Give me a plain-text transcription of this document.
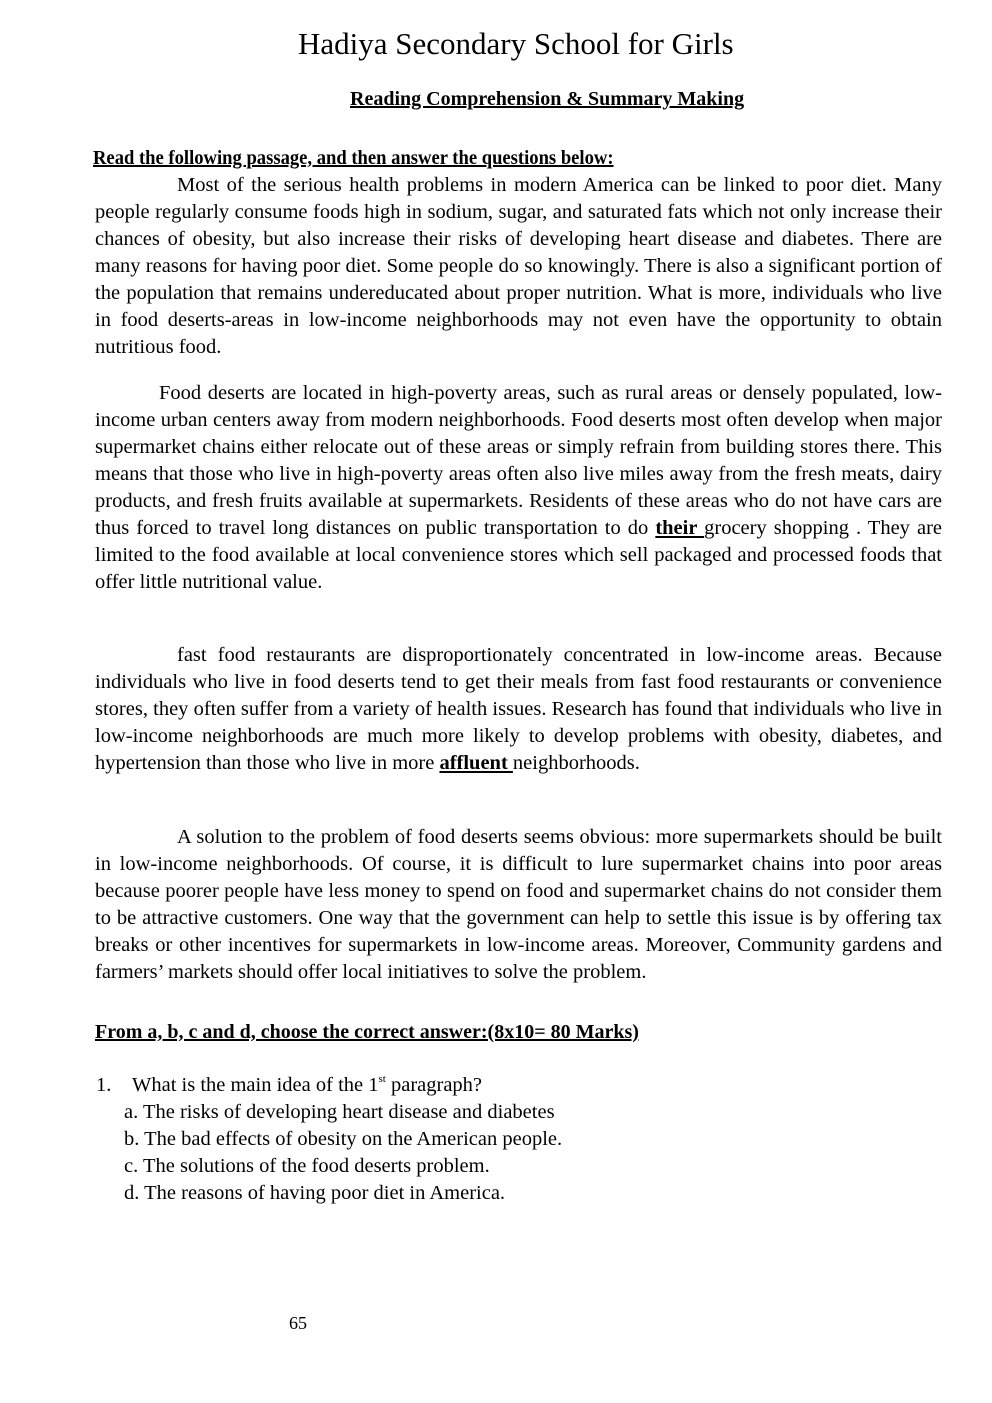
Hadiya Secondary School for Girls
Reading Comprehension & Summary Making
Read the following passage, and then answer the questions below:

Most of the serious health problems in modern America can be linked to poor diet. Many people regularly consume foods high in sodium, sugar, and saturated fats which not only increase their chances of obesity, but also increase their risks of developing heart disease and diabetes. There are many reasons for having poor diet. Some people do so knowingly. There is also a significant portion of the population that remains undereducated about proper nutrition. What is more, individuals who live in food deserts-areas in low-income neighborhoods may not even have the opportunity to obtain nutritious food.

Food deserts are located in high-poverty areas, such as rural areas or densely populated, low-income urban centers away from modern neighborhoods. Food deserts most often develop when major supermarket chains either relocate out of these areas or simply refrain from building stores there. This means that those who live in high-poverty areas often also live miles away from the fresh meats, dairy products, and fresh fruits available at supermarkets. Residents of these areas who do not have cars are thus forced to travel long distances on public transportation to do their grocery shopping . They are limited to the food available at local convenience stores which sell packaged and processed foods that offer little nutritional value.

fast food restaurants are disproportionately concentrated in low-income areas. Because individuals who live in food deserts tend to get their meals from fast food restaurants or convenience stores, they often suffer from a variety of health issues. Research has found that individuals who live in low-income neighborhoods are much more likely to develop problems with obesity, diabetes, and hypertension than those who live in more affluent neighborhoods.

A solution to the problem of food deserts seems obvious: more supermarkets should be built in low-income neighborhoods. Of course, it is difficult to lure supermarket chains into poor areas because poorer people have less money to spend on food and supermarket chains do not consider them to be attractive customers. One way that the government can help to settle this issue is by offering tax breaks or other incentives for supermarkets in low-income areas. Moreover, Community gardens and farmers’ markets should offer local initiatives to solve the problem.

From a, b, c and d, choose the correct answer:(8x10= 80 Marks)
1. What is the main idea of the 1st paragraph?
a. The risks of developing heart disease and diabetes
b. The bad effects of obesity on the American people.
c. The solutions of the food deserts problem.
d. The reasons of having poor diet in America.
65
